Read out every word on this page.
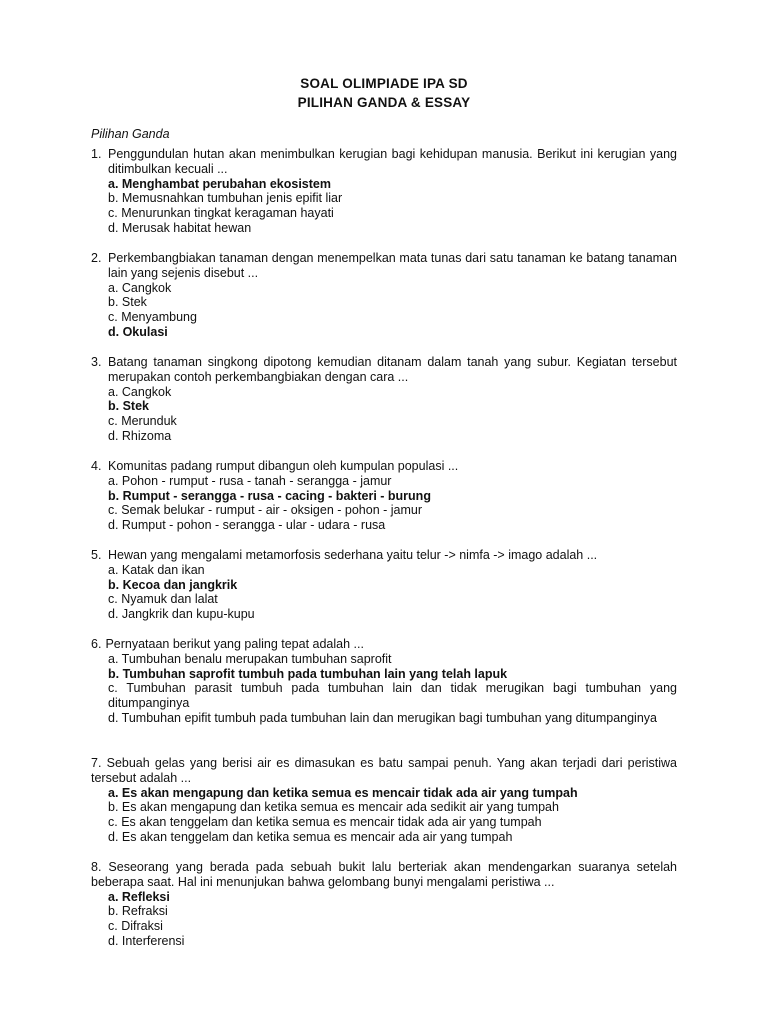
SOAL OLIMPIADE IPA SD
PILIHAN GANDA & ESSAY
Pilihan Ganda
1. Penggundulan hutan akan menimbulkan kerugian bagi kehidupan manusia. Berikut ini kerugian yang ditimbulkan kecuali ...
a. Menghambat perubahan ekosistem
b. Memusnahkan tumbuhan jenis epifit liar
c. Menurunkan tingkat keragaman hayati
d. Merusak habitat hewan
2. Perkembangbiakan tanaman dengan menempelkan mata tunas dari satu tanaman ke batang tanaman lain yang sejenis disebut ...
a. Cangkok
b. Stek
c. Menyambung
d. Okulasi
3. Batang tanaman singkong dipotong kemudian ditanam dalam tanah yang subur. Kegiatan tersebut merupakan contoh perkembangbiakan dengan cara ...
a. Cangkok
b. Stek
c. Merunduk
d. Rhizoma
4. Komunitas padang rumput dibangun oleh kumpulan populasi ...
a. Pohon - rumput - rusa - tanah - serangga - jamur
b. Rumput - serangga - rusa - cacing - bakteri - burung
c. Semak belukar - rumput - air - oksigen - pohon - jamur
d. Rumput - pohon - serangga - ular - udara - rusa
5. Hewan yang mengalami metamorfosis sederhana yaitu telur -> nimfa -> imago adalah ...
a. Katak dan ikan
b. Kecoa dan jangkrik
c. Nyamuk dan lalat
d. Jangkrik dan kupu-kupu
6. Pernyataan berikut yang paling tepat adalah ...
a. Tumbuhan benalu merupakan tumbuhan saprofit
b. Tumbuhan saprofit tumbuh pada tumbuhan lain yang telah lapuk
c. Tumbuhan parasit tumbuh pada tumbuhan lain dan tidak merugikan bagi tumbuhan yang ditumpanginya
d. Tumbuhan epifit tumbuh pada tumbuhan lain dan merugikan bagi tumbuhan yang ditumpanginya
7. Sebuah gelas yang berisi air es dimasukan es batu sampai penuh. Yang akan terjadi dari peristiwa tersebut adalah ...
a. Es akan mengapung dan ketika semua es mencair tidak ada air yang tumpah
b. Es akan mengapung dan ketika semua es mencair ada sedikit air yang tumpah
c. Es akan tenggelam dan ketika semua es mencair tidak ada air yang tumpah
d. Es akan tenggelam dan ketika semua es mencair ada air yang tumpah
8. Seseorang yang berada pada sebuah bukit lalu berteriak akan mendengarkan suaranya setelah beberapa saat. Hal ini menunjukan bahwa gelombang bunyi mengalami peristiwa ...
a. Refleksi
b. Refraksi
c. Difraksi
d. Interferensi
